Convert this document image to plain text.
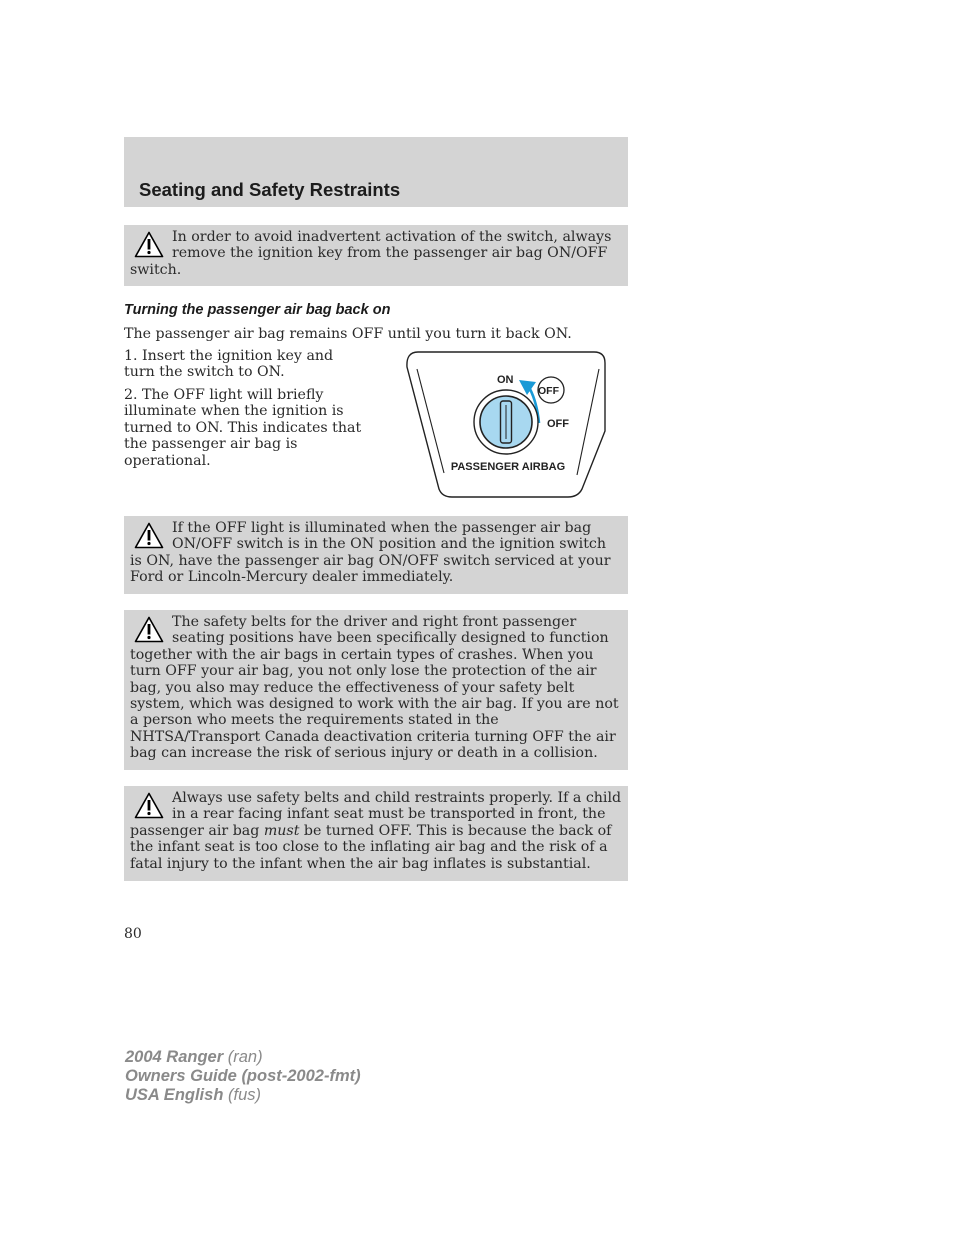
Seating and Safety Restraints

In order to avoid inadvertent activation of the switch, always remove the ignition key from the passenger air bag ON/OFF switch.

Turning the passenger air bag back on

The passenger air bag remains OFF until you turn it back ON.

1. Insert the ignition key and turn the switch to ON.

2. The OFF light will briefly illuminate when the ignition is turned to ON. This indicates that the passenger air bag is operational.

ON
OFF
OFF
PASSENGER AIRBAG

If the OFF light is illuminated when the passenger air bag ON/OFF switch is in the ON position and the ignition switch is ON, have the passenger air bag ON/OFF switch serviced at your Ford or Lincoln-Mercury dealer immediately.

The safety belts for the driver and right front passenger seating positions have been specifically designed to function together with the air bags in certain types of crashes. When you turn OFF your air bag, you not only lose the protection of the air bag, you also may reduce the effectiveness of your safety belt system, which was designed to work with the air bag. If you are not a person who meets the requirements stated in the NHTSA/Transport Canada deactivation criteria turning OFF the air bag can increase the risk of serious injury or death in a collision.

Always use safety belts and child restraints properly. If a child in a rear facing infant seat must be transported in front, the passenger air bag must be turned OFF. This is because the back of the infant seat is too close to the inflating air bag and the risk of a fatal injury to the infant when the air bag inflates is substantial.

80

2004 Ranger (ran)
Owners Guide (post-2002-fmt)
USA English (fus)
